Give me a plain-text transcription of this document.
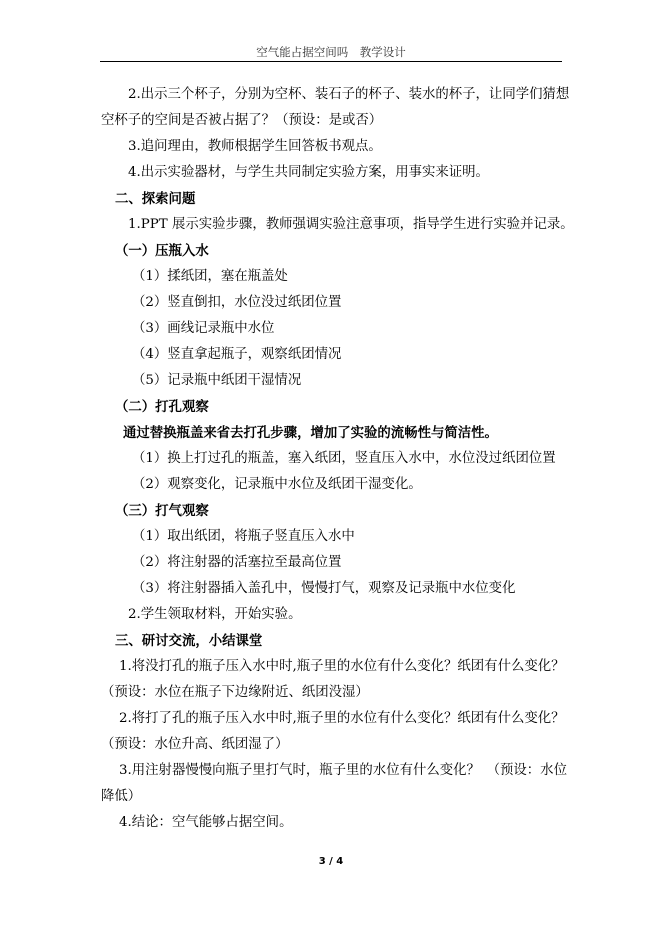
空气能占据空间吗　教学设计

2.出示三个杯子，分别为空杯、装石子的杯子、装水的杯子，让同学们猜想

空杯子的空间是否被占据了？（预设：是或否）

3.追问理由，教师根据学生回答板书观点。

4.出示实验器材，与学生共同制定实验方案，用事实来证明。

二、探索问题

1.PPT 展示实验步骤，教师强调实验注意事项，指导学生进行实验并记录。

（一）压瓶入水

（1）揉纸团，塞在瓶盖处

（2）竖直倒扣，水位没过纸团位置

（3）画线记录瓶中水位

（4）竖直拿起瓶子，观察纸团情况

（5）记录瓶中纸团干湿情况

（二）打孔观察

通过替换瓶盖来省去打孔步骤，增加了实验的流畅性与简洁性。

（1）换上打过孔的瓶盖，塞入纸团，竖直压入水中，水位没过纸团位置

（2）观察变化，记录瓶中水位及纸团干湿变化。

（三）打气观察

（1）取出纸团，将瓶子竖直压入水中

（2）将注射器的活塞拉至最高位置

（3）将注射器插入盖孔中，慢慢打气，观察及记录瓶中水位变化

2.学生领取材料，开始实验。

三、研讨交流，小结课堂

1.将没打孔的瓶子压入水中时,瓶子里的水位有什么变化？纸团有什么变化？

（预设：水位在瓶子下边缘附近、纸团没湿）

2.将打了孔的瓶子压入水中时,瓶子里的水位有什么变化？纸团有什么变化？

（预设：水位升高、纸团湿了）

3.用注射器慢慢向瓶子里打气时，瓶子里的水位有什么变化？　（预设：水位

降低）

4.结论：空气能够占据空间。

3 / 4
